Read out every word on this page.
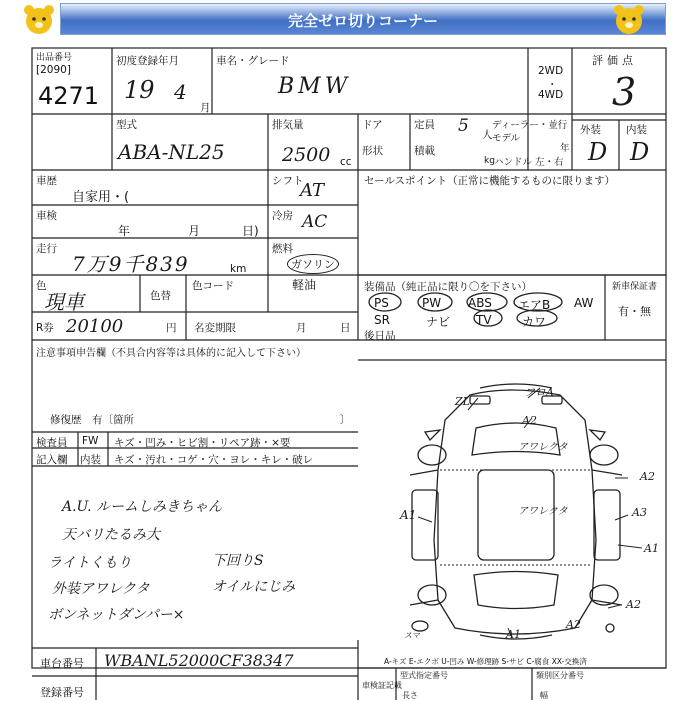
完全ゼロ切りコーナー
出品番号
[2090]
4271
初度登録年月
19 4
月
車名・グレード
BMW
2WD
・
4WD
評価点
3
型式
ABA-NL25
排気量
2500 cc
ドア
形状
定員 5 人
積載
kg
ディーラー・並行
モデル
年
ハンドル 左・右
外装
D
内装
D
車歴
自家用・(
シフト
AT	セールスポイント（正常に機能するものに限ります）
車検
年	月	日)
冷房 AC
走行
7万9千839	km
燃料
ガソリン
軽油
色
現車	色替
色コード	装備品（純正品に限り〇を下さい）
PS	PW ABS エアB AW
SR	ナビ TV	カワ
新車保証書
有・無
R券 20100	円 名変期限	月	日
後日品
注意事項申告欄（不具合内容等は具体的に記入して下さい）
修復歴　有〔箇所	〕
検査員 FW キズ・凹み・ヒビ割・リペア跡・×要
記入欄 内装 キズ・汚れ・コゲ・穴・ヨレ・キレ・破レ
A.U. ルームしみきちゃん
天バリたるみ大
ライトくもり
外装アワレクタ
ボンネットダンパー×
下回りS
オイルにじみ
ZL
フロA
A2
アワレクタ
A2
A1	アワレクタ	A3
A1
A2
A1
スマ
A2
車台番号 WBANL52000CF38347	A-キズ E-エクボ U-凹み W-修理跡 S-サビ C-腐食 XX-交換済
登録番号
型式指定番号	類別区分番号
車検証記載
長さ	幅
